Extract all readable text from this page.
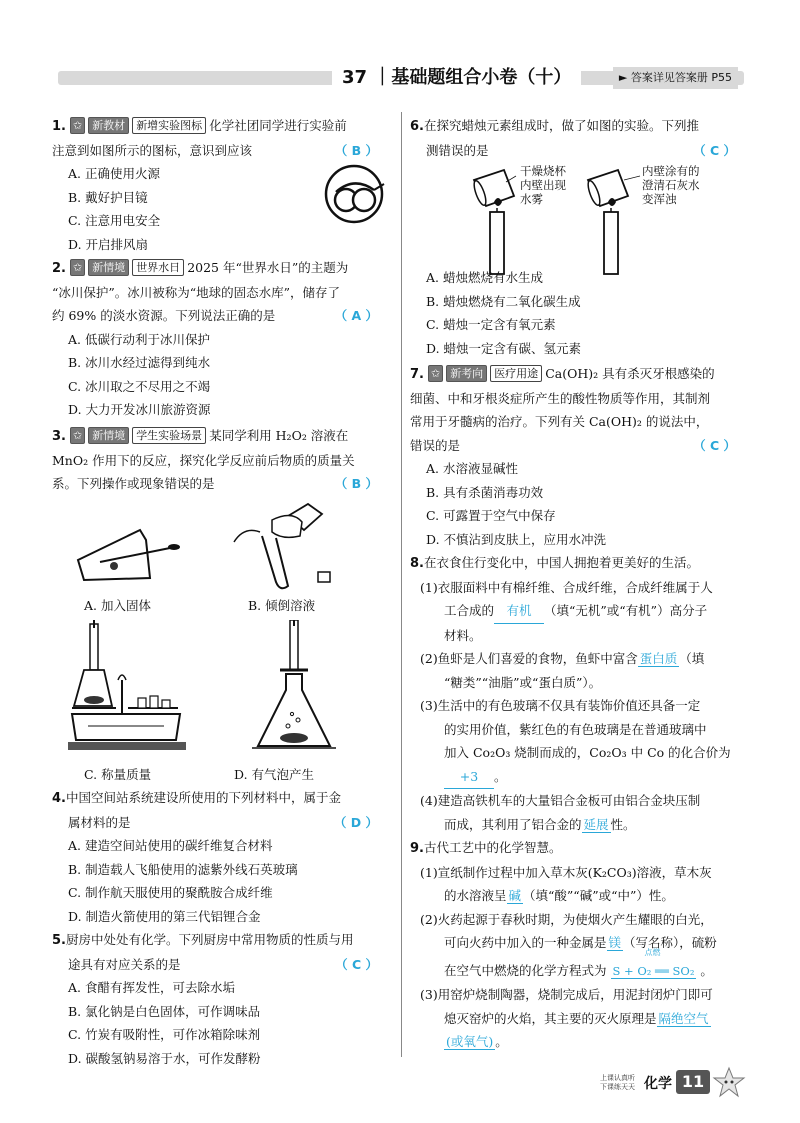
37 ｜基础题组合小卷（十）	► 答案详见答案册 P55
1. ✩ 新教材 新增实验图标 化学社团同学进行实验前
注意到如图所示的图标，意识到应该	（ B ）
A. 正确使用火源
B. 戴好护目镜
C. 注意用电安全
D. 开启排风扇
2. ✩ 新情境 世界水日 2025 年“世界水日”的主题为
“冰川保护”。冰川被称为“地球的固态水库”，储存了
约 69% 的淡水资源。下列说法正确的是	（ A ）
A. 低碳行动利于冰川保护
B. 冰川水经过滤得到纯水
C. 冰川取之不尽用之不竭
D. 大力开发冰川旅游资源
3. ✩ 新情境 学生实验场景 某同学利用 H₂O₂ 溶液在
MnO₂ 作用下的反应，探究化学反应前后物质的质量关
系。下列操作或现象错误的是	（ B ）
A. 加入固体	B. 倾倒溶液
C. 称量质量	D. 有气泡产生
4.中国空间站系统建设所使用的下列材料中，属于金
属材料的是	（ D ）
A. 建造空间站使用的碳纤维复合材料
B. 制造载人飞船使用的滤紫外线石英玻璃
C. 制作航天服使用的聚酰胺合成纤维
D. 制造火箭使用的第三代铝锂合金
5.厨房中处处有化学。下列厨房中常用物质的性质与用
途具有对应关系的是	（ C ）
A. 食醋有挥发性，可去除水垢
B. 氯化钠是白色固体，可作调味品
C. 竹炭有吸附性，可作冰箱除味剂
D. 碳酸氢钠易溶于水，可作发酵粉
6.在探究蜡烛元素组成时，做了如图的实验。下列推
测错误的是	（ C ）
干燥烧杯
内壁出现
水雾
内壁涂有的
澄清石灰水
变浑浊
A. 蜡烛燃烧有水生成
B. 蜡烛燃烧有二氧化碳生成
C. 蜡烛一定含有氧元素
D. 蜡烛一定含有碳、氢元素
7. ✩ 新考向 医疗用途 Ca(OH)₂ 具有杀灭牙根感染的
细菌、中和牙根炎症所产生的酸性物质等作用，其制剂
常用于牙髓病的治疗。下列有关 Ca(OH)₂ 的说法中，
错误的是	（ C ）
A. 水溶液显碱性
B. 具有杀菌消毒功效
C. 可露置于空气中保存
D. 不慎沾到皮肤上，应用水冲洗
8.在衣食住行变化中，中国人拥抱着更美好的生活。
(1)衣服面料中有棉纤维、合成纤维，合成纤维属于人
工合成的 有机 （填“无机”或“有机”）高分子
材料。
(2)鱼虾是人们喜爱的食物，鱼虾中富含 蛋白质 （填
“糖类”“油脂”或“蛋白质”）。
(3)生活中的有色玻璃不仅具有装饰价值还具备一定
的实用价值，紫红色的有色玻璃是在普通玻璃中
加入 Co₂O₃ 烧制而成的，Co₂O₃ 中 Co 的化合价为
+3 。
(4)建造高铁机车的大量铝合金板可由铝合金块压制
而成，其利用了铝合金的 延展 性。
9.古代工艺中的化学智慧。
(1)宣纸制作过程中加入草木灰(K₂CO₃)溶液，草木灰
的水溶液呈 碱 （填“酸”“碱”或“中”）性。
(2)火药起源于春秋时期，为使烟火产生耀眼的白光，
可向火药中加入的一种金属是 镁 （写名称），硫粉
在空气中燃烧的化学方程式为
点燃
S + O₂ ══ SO₂ 。
(3)用窑炉烧制陶器，烧制完成后，用泥封闭炉门即可
熄灭窑炉的火焰，其主要的灭火原理是 隔绝空气
(或氧气) 。
上课认真听
下课练天天 化学 11
